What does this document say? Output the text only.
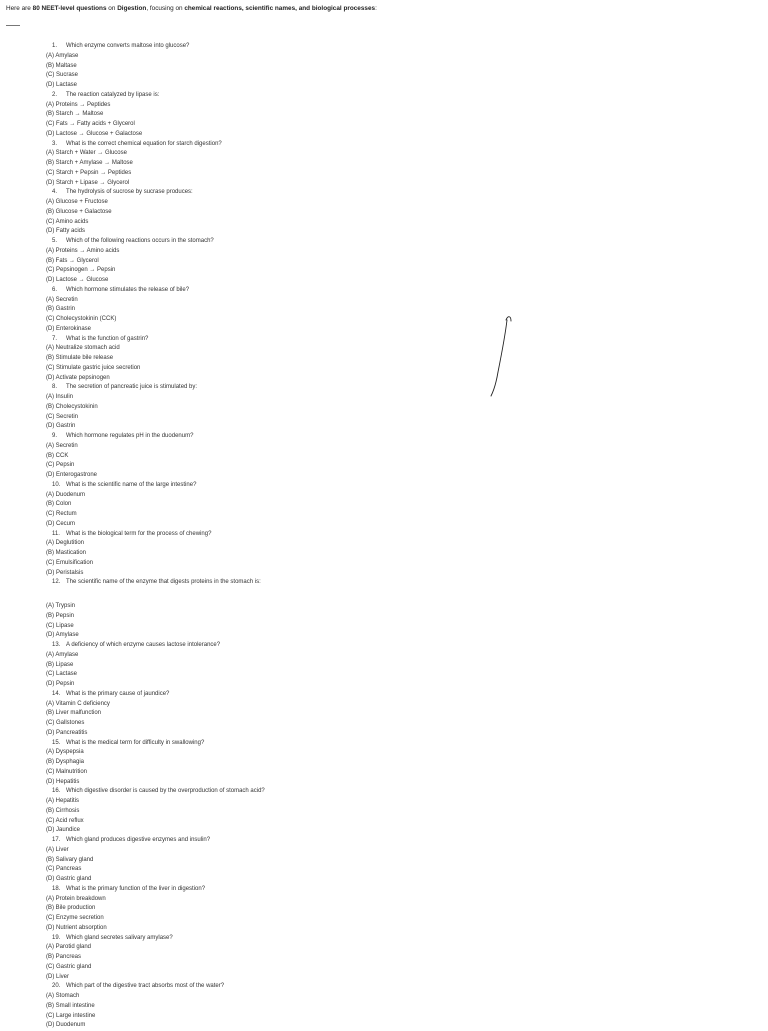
Here are 80 NEET-level questions on Digestion, focusing on chemical reactions, scientific names, and biological processes:
1. Which enzyme converts maltose into glucose?
(A) Amylase
(B) Maltase
(C) Sucrase
(D) Lactase
2. The reaction catalyzed by lipase is:
(A) Proteins → Peptides
(B) Starch → Maltose
(C) Fats → Fatty acids + Glycerol
(D) Lactose → Glucose + Galactose
3. What is the correct chemical equation for starch digestion?
(A) Starch + Water → Glucose
(B) Starch + Amylase → Maltose
(C) Starch + Pepsin → Peptides
(D) Starch + Lipase → Glycerol
4. The hydrolysis of sucrose by sucrase produces:
(A) Glucose + Fructose
(B) Glucose + Galactose
(C) Amino acids
(D) Fatty acids
5. Which of the following reactions occurs in the stomach?
(A) Proteins → Amino acids
(B) Fats → Glycerol
(C) Pepsinogen → Pepsin
(D) Lactose → Glucose
6. Which hormone stimulates the release of bile?
(A) Secretin
(B) Gastrin
(C) Cholecystokinin (CCK)
(D) Enterokinase
7. What is the function of gastrin?
(A) Neutralize stomach acid
(B) Stimulate bile release
(C) Stimulate gastric juice secretion
(D) Activate pepsinogen
8. The secretion of pancreatic juice is stimulated by:
(A) Insulin
(B) Cholecystokinin
(C) Secretin
(D) Gastrin
9. Which hormone regulates pH in the duodenum?
(A) Secretin
(B) CCK
(C) Pepsin
(D) Enterogastrone
10. What is the scientific name of the large intestine?
(A) Duodenum
(B) Colon
(C) Rectum
(D) Cecum
11. What is the biological term for the process of chewing?
(A) Deglutition
(B) Mastication
(C) Emulsification
(D) Peristalsis
12. The scientific name of the enzyme that digests proteins in the stomach is:
(A) Trypsin
(B) Pepsin
(C) Lipase
(D) Amylase
13. A deficiency of which enzyme causes lactose intolerance?
(A) Amylase
(B) Lipase
(C) Lactase
(D) Pepsin
14. What is the primary cause of jaundice?
(A) Vitamin C deficiency
(B) Liver malfunction
(C) Gallstones
(D) Pancreatitis
15. What is the medical term for difficulty in swallowing?
(A) Dyspepsia
(B) Dysphagia
(C) Malnutrition
(D) Hepatitis
16. Which digestive disorder is caused by the overproduction of stomach acid?
(A) Hepatitis
(B) Cirrhosis
(C) Acid reflux
(D) Jaundice
17. Which gland produces digestive enzymes and insulin?
(A) Liver
(B) Salivary gland
(C) Pancreas
(D) Gastric gland
18. What is the primary function of the liver in digestion?
(A) Protein breakdown
(B) Bile production
(C) Enzyme secretion
(D) Nutrient absorption
19. Which gland secretes salivary amylase?
(A) Parotid gland
(B) Pancreas
(C) Gastric gland
(D) Liver
20. Which part of the digestive tract absorbs most of the water?
(A) Stomach
(B) Small intestine
(C) Large intestine
(D) Duodenum
